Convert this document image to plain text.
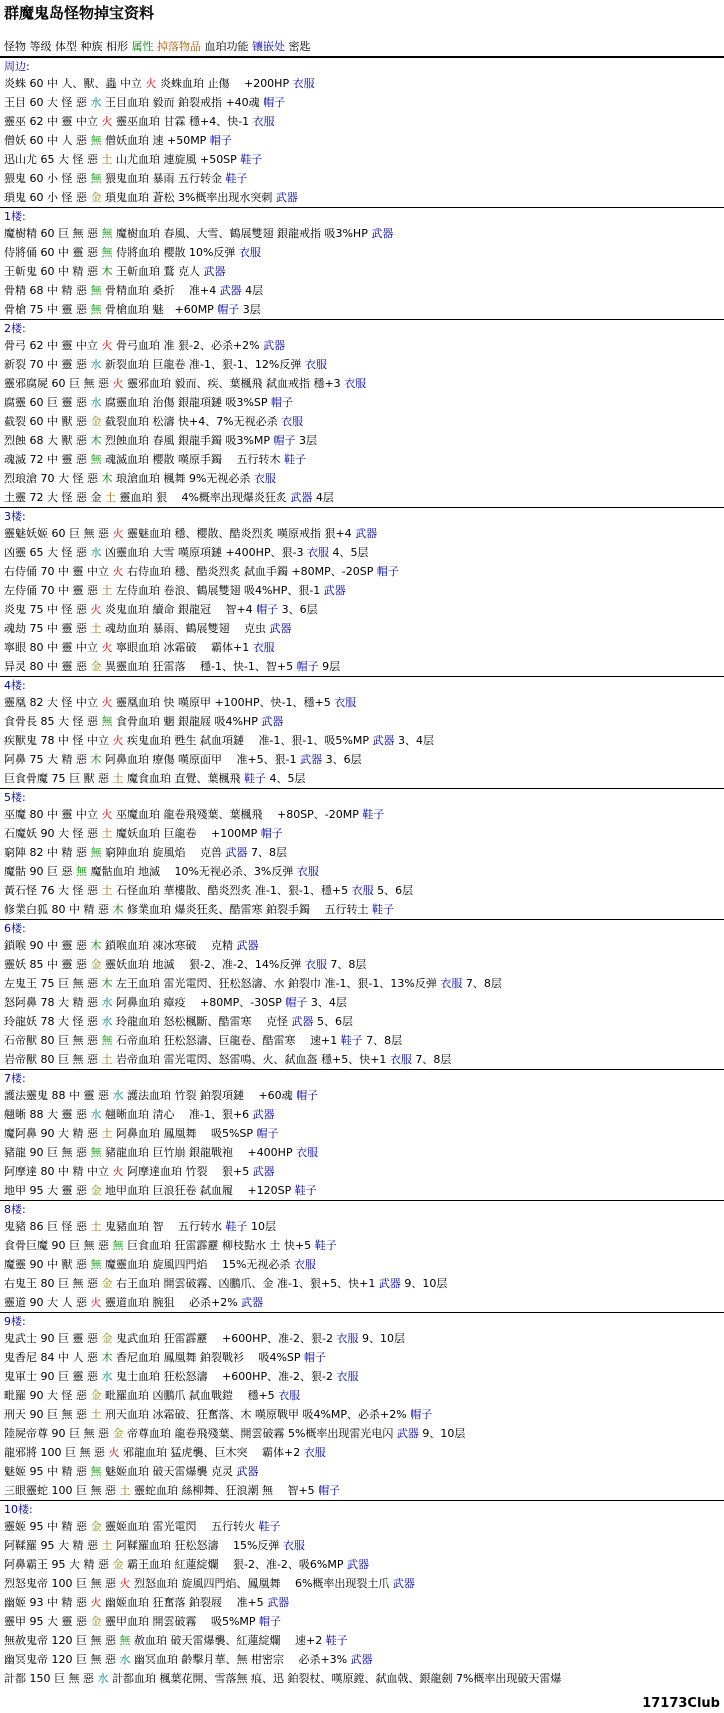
群魔鬼岛怪物掉宝资料
怪物 等级 体型 种族 相形 属性 掉落物品 血珀功能 镶嵌处 密匙
周边:
炎蛛 60 中 人、獸、蟲 中立 火 炎蛛血珀 止傷　 +200HP 衣服
王目 60 大 怪 惡 水 王目血珀 毅而 鉑裂戒指 +40魂 帽子
靈巫 62 中 靈 中立 火 靈巫血珀 甘霖 穩+4、快-1 衣服
僧妖 60 中 人 惡 無 僧妖血珀 速 +50MP 帽子
迅山尤 65 大 怪 惡 土 山尤血珀 連旋風 +50SP 鞋子
猥鬼 60 小 怪 惡 無 猥鬼血珀 暴雨 五行转金 鞋子
瑣鬼 60 小 怪 惡 金 瑣鬼血珀 蒼松 3%概率出现水突刺 武器
1楼:
魔樹精 60 巨 無 惡 無 魔樹血珀 春風、大雪、鶴展雙翅 銀龍戒指 吸3%HP 武器
侍將俑 60 中 靈 惡 無 侍將血珀 櫻散 10%反弹 衣服
王斬鬼 60 中 精 惡 木 王斬血珀 鶩 克人 武器
骨精 68 中 精 惡 無 骨精血珀 桑折　 准+4 武器 4层
骨槍 75 中 靈 惡 無 骨槍血珀 魅　+60MP 帽子 3层
2楼:
骨弓 62 中 靈 中立 火 骨弓血珀 准 狠-2、必杀+2% 武器
新裂 70 中 靈 惡 水 新裂血珀 巨龍卷 准-1、狠-1、12%反弹 衣服
靈邪腐屍 60 巨 無 惡 火 靈邪血珀 毅而、疾、葉楓飛 弑血戒指 穩+3 衣服
腐靈 60 巨 靈 惡 水 腐靈血珀 治傷 銀龍項鏈 吸3%SP 帽子
截裂 60 中 獸 惡 金 截裂血珀 松濤 快+4、7%无视必杀 衣服
烈蝕 68 大 獸 惡 木 烈蝕血珀 春風 銀龍手鐲 吸3%MP 帽子 3层
魂滅 72 中 靈 惡 無 魂滅血珀 櫻散 嘆原手鐲　 五行转木 鞋子
烈琅滄 70 大 怪 惡 木 琅滄血珀 楓舞 9%无视必杀 衣服
土靈 72 大 怪 惡 金 土 靈血珀 狠　 4%概率出现爆炎狂炙 武器 4层
3楼:
靈魅妖姬 60 巨 無 惡 火 靈魅血珀 穩、櫻散、酷炎烈炙 嘆原戒指 狠+4 武器
凶靈 65 大 怪 惡 水 凶靈血珀 大雪 嘆原項鏈 +400HP、狠-3 衣服 4、5层
右侍俑 70 中 靈 中立 火 右侍血珀 穩、酷炎烈炙 弑血手鐲 +80MP、-20SP 帽子
左侍俑 70 中 靈 惡 土 左侍血珀 卷浪、鶴展雙翅 吸4%HP、狠-1 武器
炎鬼 75 中 怪 惡 火 炎鬼血珀 續命 銀龍冠　 智+4 帽子 3、6层
魂劫 75 中 靈 惡 土 魂劫血珀 暴雨、鶴展雙翅　 克虫 武器
寧眼 80 中 靈 中立 火 寧眼血珀 冰霜破　 霸体+1 衣服
异灵 80 中 靈 惡 金 異靈血珀 狂雷落　 穩-1、快-1、智+5 帽子 9层
4楼:
靈凰 82 大 怪 中立 火 靈凰血珀 快 嘆原甲 +100HP、快-1、穩+5 衣服
食骨長 85 大 怪 惡 無 食骨血珀 魍 銀龍屐 吸4%HP 武器
疾獸鬼 78 中 怪 中立 火 疾鬼血珀 甦生 弑血項鏈　 准-1、狠-1、吸5%MP 武器 3、4层
阿鼻 75 大 精 惡 木 阿鼻血珀 療傷 嘆原面甲　 准+5、狠-1 武器 3、6层
巨食骨魔 75 巨 獸 惡 土 魔食血珀 直覺、葉楓飛 鞋子 4、5层
5楼:
巫魔 80 中 靈 中立 火 巫魔血珀 龍卷飛殘葉、葉楓飛　 +80SP、-20MP 鞋子
石魔妖 90 大 怪 惡 土 魔妖血珀 巨龍卷　 +100MP 帽子
窮陣 82 中 精 惡 無 窮陣血珀 旋風焰　 克兽 武器 7、8层
魔骷 90 巨 惡 無 魔骷血珀 地滅　 10%无视必杀、3%反弹 衣服
黃石怪 76 大 怪 惡 土 石怪血珀 華樓散、酷炎烈炙 准-1、狠-1、穩+5 衣服 5、6层
修業白狐 80 中 精 惡 木 修業血珀 爆炎狂炙、酷雷寒 鉑裂手鐲　 五行转土 鞋子
6楼:
鎖喉 90 中 靈 惡 木 鎖喉血珀 凍冰寒破　 克精 武器
靈妖 85 中 靈 惡 金 靈妖血珀 地滅　 狠-2、准-2、14%反弹 衣服 7、8层
左鬼王 75 巨 無 惡 木 左王血珀 雷光電閃、狂松怒濤、水 鉑裂巾 准-1、狠-1、13%反弹 衣服 7、8层
怒阿鼻 78 大 精 惡 水 阿鼻血珀 瘴疫　 +80MP、-30SP 帽子 3、4层
玲龍妖 78 大 怪 惡 水 玲龍血珀 怒松楓斷、酷雷寒　 克怪 武器 5、6层
石帝獸 80 巨 無 惡 無 石帝血珀 狂松怒濤、巨龍卷、酷雷寒　 速+1 鞋子 7、8层
岩帝獸 80 巨 無 惡 土 岩帝血珀 雷光電閃、怒雷鳴、火、弑血盔 穩+5、快+1 衣服 7、8层
7楼:
護法靈鬼 88 中 靈 惡 水 護法血珀 竹裂 鉑裂項鏈　 +60魂 帽子
翹晰 88 大 靈 惡 水 翹晰血珀 清心　 准-1、狠+6 武器
魔阿鼻 90 大 精 惡 土 阿鼻血珀 鳳凰舞　 吸5%SP 帽子
豬龍 90 巨 無 惡 無 豬龍血珀 巨竹崩 銀龍戰袍　 +400HP 衣服
阿摩達 80 中 精 中立 火 阿摩達血珀 竹裂　 狠+5 武器
地甲 95 大 靈 惡 金 地甲血珀 巨浪狂卷 弑血履　 +120SP 鞋子
8楼:
鬼豬 86 巨 怪 惡 土 鬼豬血珀 智　 五行转水 鞋子 10层
食骨巨魔 90 巨 無 惡 無 巨食血珀 狂雷霹靂 柳枝點水 土 快+5 鞋子
魔靈 90 中 獸 惡 無 魔靈血珀 旋風四門焰　 15%无视必杀 衣服
右鬼王 80 巨 無 惡 金 右王血珀 開雲破霧、凶鵬爪、金 准-1、狠+5、快+1 武器 9、10层
靈道 90 大 人 惡 火 靈道血珀 腕狙　 必杀+2% 武器
9楼:
鬼武士 90 巨 靈 惡 金 鬼武血珀 狂雷霹靂　 +600HP、准-2、狠-2 衣服 9、10层
鬼香尼 84 中 人 惡 木 香尼血珀 鳳凰舞 鉑裂戰衫　 吸4%SP 帽子
鬼軍士 90 巨 靈 惡 水 鬼士血珀 狂松怒濤　 +600HP、准-2、狠-2 衣服
毗羅 90 大 怪 惡 金 毗羅血珀 凶鵬爪 弑血戰鎧　 穩+5 衣服
刑天 90 巨 無 惡 土 刑天血珀 冰霜破、狂奮落、木 嘆原戰甲 吸4%MP、必杀+2% 帽子
陸屍帝尊 90 巨 無 惡 金 帝尊血珀 龍卷飛殘葉、開雲破霧 5%概率出现雷光电闪 武器 9、10层
龍邪將 100 巨 無 惡 火 邪龍血珀 猛虎襲、巨木突　 霸体+2 衣服
魅姬 95 中 精 惡 無 魅姬血珀 破天雷爆襲 克灵 武器
三眼靈蛇 100 巨 無 惡 土 靈蛇血珀 絲柳舞、狂浪潮 無　 智+5 帽子
10楼:
靈姬 95 中 精 惡 金 靈姬血珀 雷光電閃　 五行转火 鞋子
阿鞣羅 95 大 精 惡 土 阿鞣羅血珀 狂松怒濤　 15%反弹 衣服
阿鼻霸王 95 大 精 惡 金 霸王血珀 紅蓮綻爛　 狠-2、准-2、吸6%MP 武器
烈怒鬼帝 100 巨 無 惡 火 烈怒血珀 旋風四門焰、鳳凰舞　 6%概率出现裂土爪 武器
幽姬 93 中 精 惡 火 幽姬血珀 狂奮落 鉑裂屐　 准+5 武器
靈甲 95 大 靈 惡 金 靈甲血珀 開雲破霧　 吸5%MP 帽子
無赦鬼帝 120 巨 無 惡 無 赦血珀 破天雷爆襲、紅蓮綻爛　 速+2 鞋子
幽冥鬼帝 120 巨 無 惡 水 幽冥血珀 齡擊月華、無 柑密宗　 必杀+3% 武器
計都 150 巨 無 惡 水 計都血珀 楓葉花開、雪落無 痕、迅 鉑裂杖、嘆原鏜、弑血戟、銀龍劍 7%概率出现破天雷爆
17173Club
